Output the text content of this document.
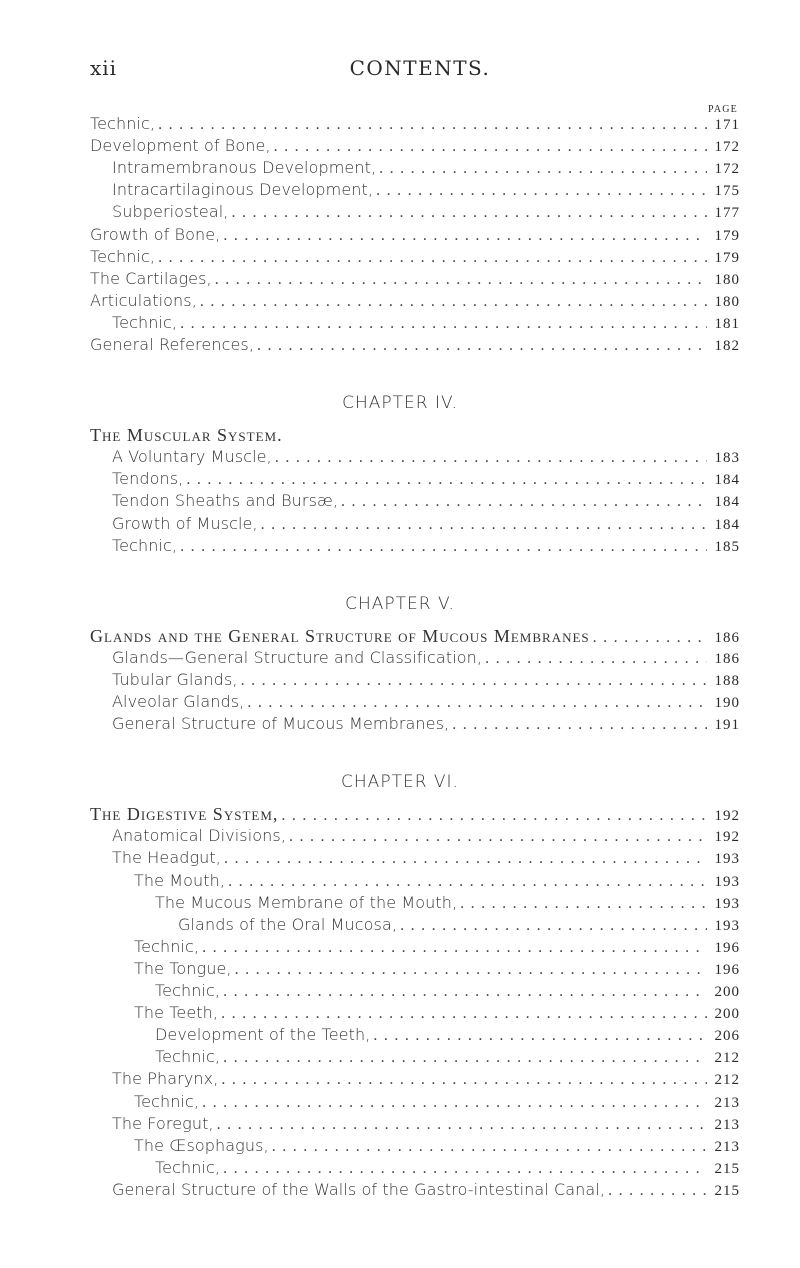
xii	CONTENTS.
PAGE
Technic, . . .	171
Development of Bone, . . .	172
Intramembranous Development, . . .	172
Intracartilaginous Development, . . .	175
Subperiosteal, . . .	177
Growth of Bone, . . .	179
Technic, . . .	179
The Cartilages, . . .	180
Articulations, . . .	180
Technic, . . .	181
General References, . . .	182
CHAPTER IV.
The Muscular System.
A Voluntary Muscle, . . .	183
Tendons, . . .	184
Tendon Sheaths and Bursæ, . . .	184
Growth of Muscle, . . .	184
Technic, . . .	185
CHAPTER V.
Glands and the General Structure of Mucous Membranes . . .	186
Glands—General Structure and Classification, . . .	186
Tubular Glands, . . .	188
Alveolar Glands, . . .	190
General Structure of Mucous Membranes, . . .	191
CHAPTER VI.
The Digestive System, . . .	192
Anatomical Divisions, . . .	192
The Headgut, . . .	193
The Mouth, . . .	193
The Mucous Membrane of the Mouth, . . .	193
Glands of the Oral Mucosa, . . .	193
Technic, . . .	196
The Tongue, . . .	196
Technic, . . .	200
The Teeth, . . .	200
Development of the Teeth, . . .	206
Technic, . . .	212
The Pharynx, . . .	212
Technic, . . .	213
The Foregut, . . .	213
The Œsophagus, . . .	213
Technic, . . .	215
General Structure of the Walls of the Gastro-intestinal Canal, . . .	215
